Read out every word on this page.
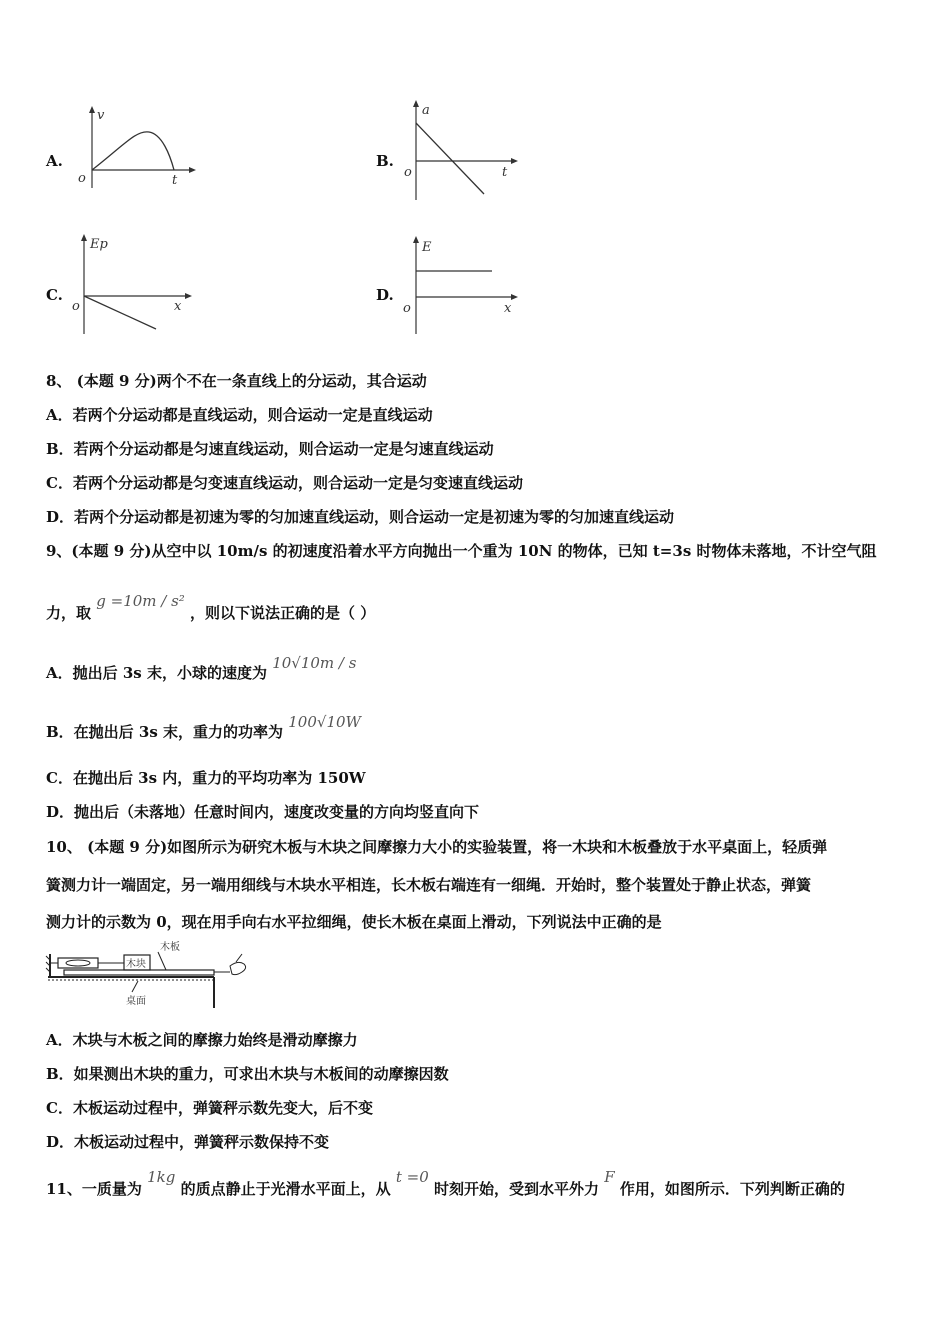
A.
v
o	t
B.
a
o	t
C.
Ep
o	x
D.
E
o	x
8、 (本题 9 分)两个不在一条直线上的分运动，其合运动
A．若两个分运动都是直线运动，则合运动一定是直线运动
B．若两个分运动都是匀速直线运动，则合运动一定是匀速直线运动
C．若两个分运动都是匀变速直线运动，则合运动一定是匀变速直线运动
D．若两个分运动都是初速为零的匀加速直线运动，则合运动一定是初速为零的匀加速直线运动
9、(本题 9 分)从空中以 10m/s 的初速度沿着水平方向抛出一个重为 10N 的物体，已知 t=3s 时物体未落地，不计空气阻
力，取 g =10m / s² ，则以下说法正确的是（ ）
A．抛出后 3s 末，小球的速度为 10√10m / s
B．在抛出后 3s 末，重力的功率为 100√10W
C．在抛出后 3s 内，重力的平均功率为 150W
D．抛出后（未落地）任意时间内，速度改变量的方向均竖直向下
10、 (本题 9 分)如图所示为研究木板与木块之间摩擦力大小的实验装置，将一木块和木板叠放于水平桌面上，轻质弹
簧测力计一端固定，另一端用细线与木块水平相连，长木板右端连有一细绳．开始时，整个装置处于静止状态，弹簧
测力计的示数为 0，现在用手向右水平拉细绳，使长木板在桌面上滑动，下列说法中正确的是
木块
木板
桌面
A．木块与木板之间的摩擦力始终是滑动摩擦力
B．如果测出木块的重力，可求出木块与木板间的动摩擦因数
C．木板运动过程中，弹簧秤示数先变大，后不变
D．木板运动过程中，弹簧秤示数保持不变
11、一质量为 1kg 的质点静止于光滑水平面上，从 t =0 时刻开始，受到水平外力 F 作用，如图所示．下列判断正确的
